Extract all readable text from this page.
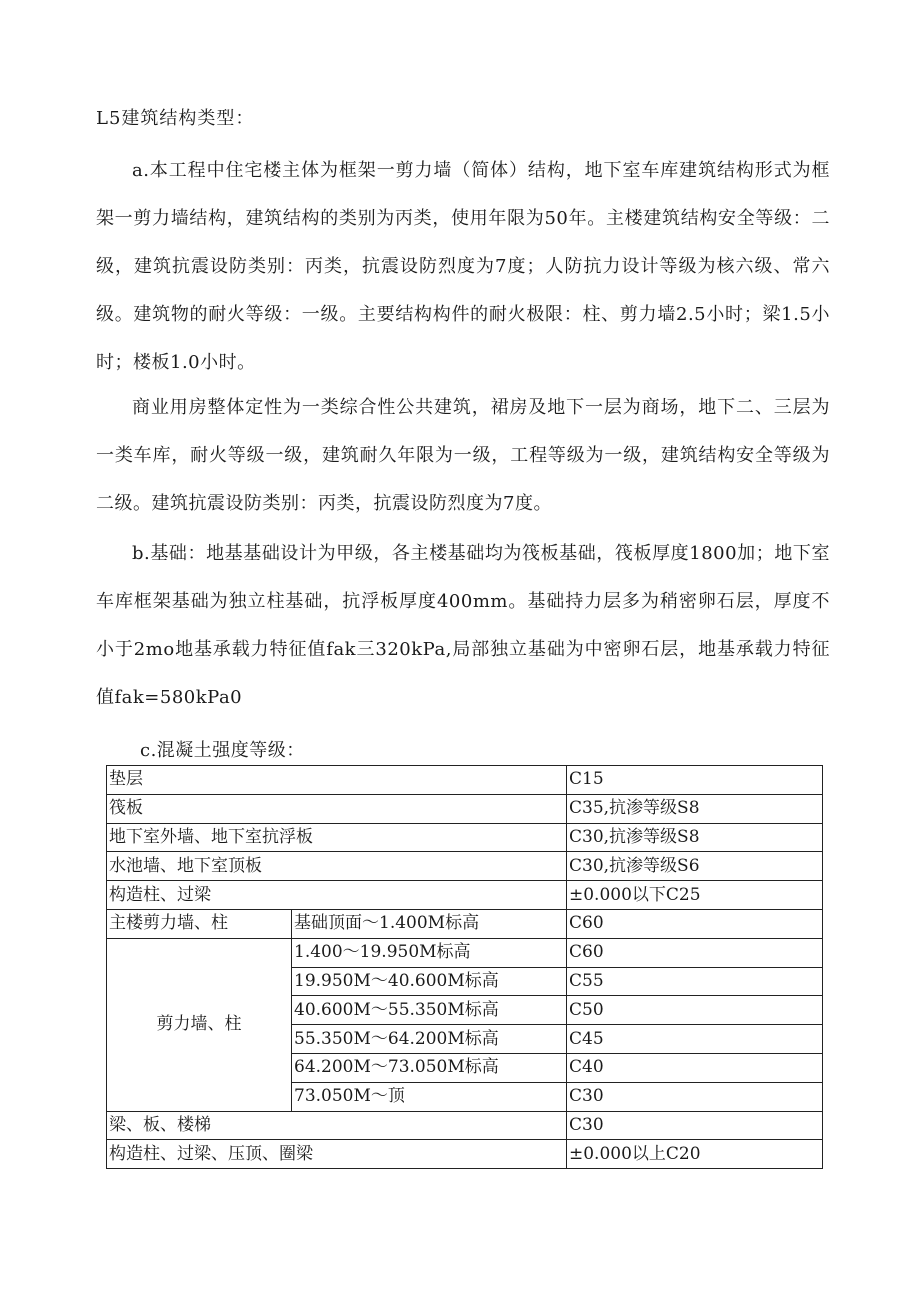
L5建筑结构类型：

a.本工程中住宅楼主体为框架一剪力墙（简体）结构，地下室车库建筑结构形式为框架一剪力墙结构，建筑结构的类别为丙类，使用年限为50年。主楼建筑结构安全等级：二级，建筑抗震设防类别：丙类，抗震设防烈度为7度；人防抗力设计等级为核六级、常六级。建筑物的耐火等级：一级。主要结构构件的耐火极限：柱、剪力墙2.5小时；梁1.5小时；楼板1.0小时。

商业用房整体定性为一类综合性公共建筑，裙房及地下一层为商场，地下二、三层为一类车库，耐火等级一级，建筑耐久年限为一级，工程等级为一级，建筑结构安全等级为二级。建筑抗震设防类别：丙类，抗震设防烈度为7度。

b.基础：地基基础设计为甲级，各主楼基础均为筏板基础，筏板厚度1800加；地下室车库框架基础为独立柱基础，抗浮板厚度400mm。基础持力层多为稍密卵石层，厚度不小于2mo地基承载力特征值fak三320kPa,局部独立基础为中密卵石层，地基承载力特征值fak=580kPa0

c.混凝土强度等级：
垫层		C15
筏板		C35,抗渗等级S8
地下室外墙、地下室抗浮板		C30,抗渗等级S8
水池墙、地下室顶板		C30,抗渗等级S6
构造柱、过梁		±0.000以下C25
主楼剪力墙、柱	基础顶面～1.400M标高	C60
剪力墙、柱	1.400～19.950M标高	C60
	19.950M～40.600M标高	C55
	40.600M～55.350M标高	C50
	55.350M～64.200M标高	C45
	64.200M～73.050M标高	C40
	73.050M～顶	C30
梁、板、楼梯		C30
构造柱、过梁、压顶、圈梁		±0.000以上C20
